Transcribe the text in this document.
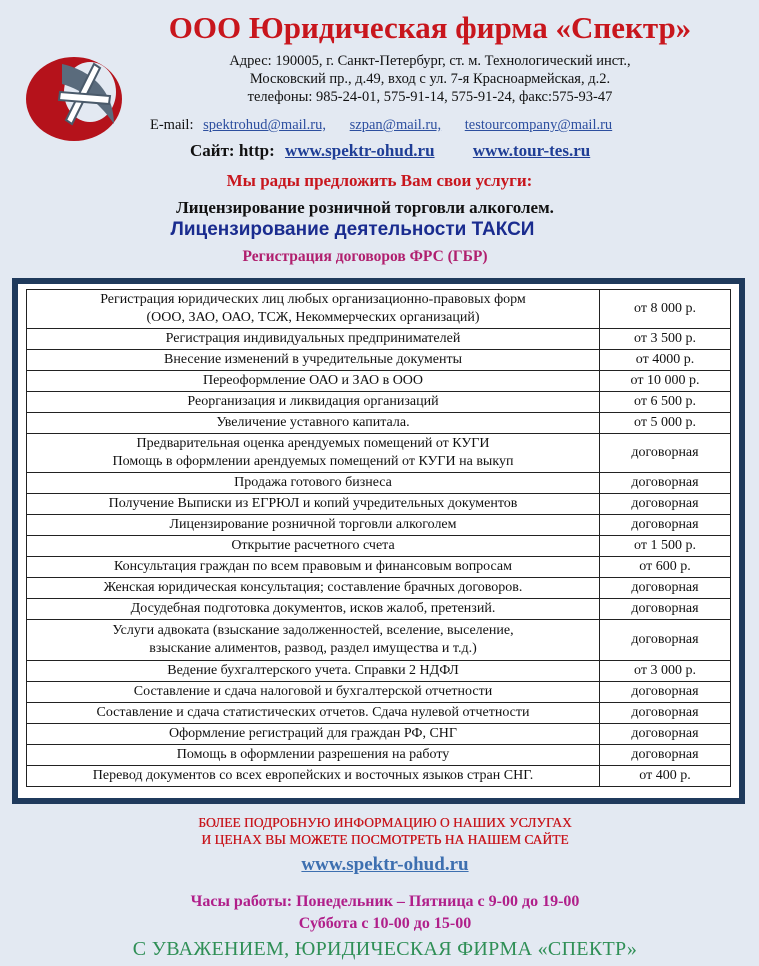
ООО Юридическая фирма «Спектр»
Адрес: 190005, г. Санкт-Петербург, ст. м. Технологический инст.,
Московский пр., д.49, вход с ул. 7-я Красноармейская, д.2.
телефоны: 985-24-01, 575-91-14, 575-91-24, факс:575-93-47
E-mail: spektrohud@mail.ru, szpan@mail.ru, testourcompany@mail.ru
Сайт: http: www.spektr-ohud.ru www.tour-tes.ru
Мы рады предложить Вам свои услуги:
Лицензирование розничной торговли алкоголем.
Лицензирование деятельности ТАКСИ
Регистрация договоров ФРС (ГБР)
Регистрация юридических лиц любых организационно-правовых форм
(ООО, ЗАО, ОАО, ТСЖ, Некоммерческих организаций)	от 8 000 р.
Регистрация индивидуальных предпринимателей	от 3 500 р.
Внесение изменений в учредительные документы	от 4000 р.
Переоформление ОАО и ЗАО в ООО	от 10 000 р.
Реорганизация и ликвидация организаций	от 6 500 р.
Увеличение уставного капитала.	от 5 000 р.
Предварительная оценка арендуемых помещений от КУГИ
Помощь в оформлении арендуемых помещений от КУГИ на выкуп	договорная
Продажа готового бизнеса	договорная
Получение Выписки из ЕГРЮЛ и копий учредительных документов	договорная
Лицензирование розничной торговли алкоголем	договорная
Открытие расчетного счета	от 1 500 р.
Консультация граждан по всем правовым и финансовым вопросам	от 600 р.
Женская юридическая консультация; составление брачных договоров.	договорная
Досудебная подготовка документов, исков жалоб, претензий.	договорная
Услуги адвоката (взыскание задолженностей, вселение, выселение,
взыскание алиментов, развод, раздел имущества и т.д.)	договорная
Ведение бухгалтерского учета. Справки 2 НДФЛ	от 3 000 р.
Составление и сдача налоговой и бухгалтерской отчетности	договорная
Составление и сдача статистических отчетов. Сдача нулевой отчетности	договорная
Оформление регистраций для граждан РФ, СНГ	договорная
Помощь в оформлении разрешения на работу	договорная
Перевод документов со всех европейских и восточных языков стран СНГ.	от 400 р.
БОЛЕЕ ПОДРОБНУЮ ИНФОРМАЦИЮ О НАШИХ УСЛУГАХ
И ЦЕНАХ ВЫ МОЖЕТЕ ПОСМОТРЕТЬ НА НАШЕМ САЙТЕ
www.spektr-ohud.ru
Часы работы: Понедельник – Пятница с 9-00 до 19-00
Суббота с 10-00 до 15-00
С УВАЖЕНИЕМ, ЮРИДИЧЕСКАЯ ФИРМА «СПЕКТР»
